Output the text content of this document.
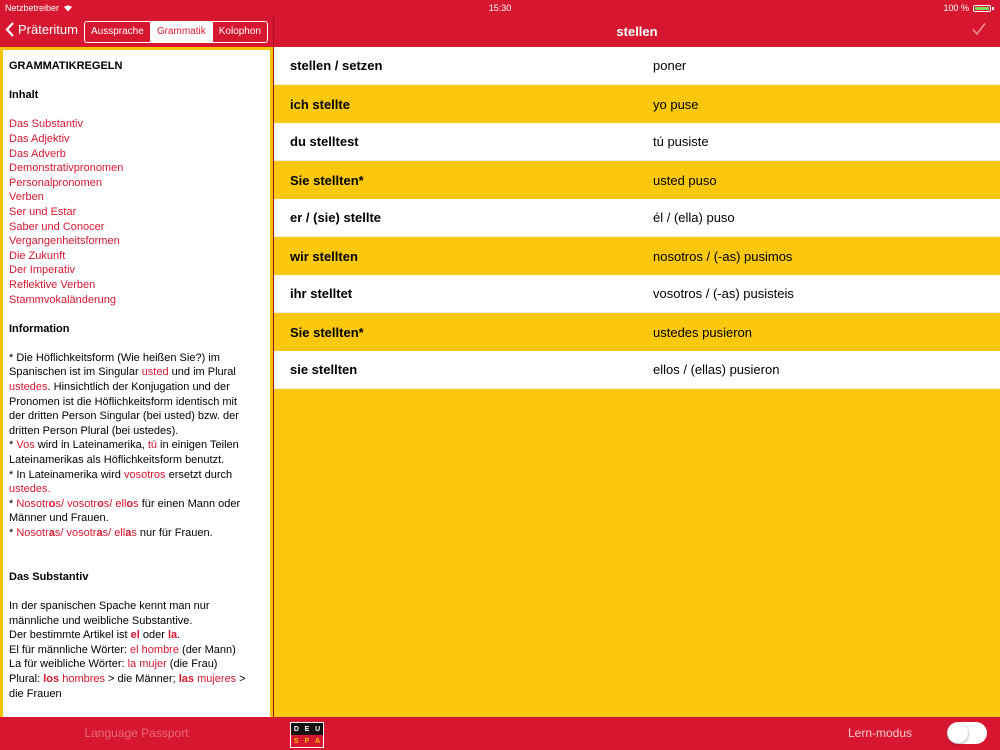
Netzbetreiber	15:30	100 %
Präteritum	Aussprache	Grammatik	Kolophon	stellen
GRAMMATIKREGELN
Inhalt
Das Substantiv
Das Adjektiv
Das Adverb
Demonstrativpronomen
Personalpronomen
Verben
Ser und Estar
Saber und Conocer
Vergangenheitsformen
Die Zukunft
Der Imperativ
Reflektive Verben
Stammvokaländerung
Information
* Die Höflichkeitsform (Wie heißen Sie?) im
Spanischen ist im Singular usted und im Plural
ustedes. Hinsichtlich der Konjugation und der
Pronomen ist die Höflichkeitsform identisch mit
der dritten Person Singular (bei usted) bzw. der
dritten Person Plural (bei ustedes).
* Vos wird in Lateinamerika, tú in einigen Teilen
Lateinamerikas als Höflichkeitsform benutzt.
* In Lateinamerika wird vosotros ersetzt durch
ustedes.
* Nosotros/ vosotros/ ellos für einen Mann oder
Männer und Frauen.
* Nosotras/ vosotras/ ellas nur für Frauen.
Das Substantiv
In der spanischen Spache kennt man nur
männliche und weibliche Substantive.
Der bestimmte Artikel ist el oder la.
El für männliche Wörter: el hombre (der Mann)
La für weibliche Wörter: la mujer (die Frau)
Plural: los hombres > die Männer; las mujeres >
die Frauen
stellen / setzen	poner
ich stellte	yo puse
du stelltest	tú pusiste
Sie stellten*	usted puso
er / (sie) stellte	él / (ella) puso
wir stellten	nosotros / (-as) pusimos
ihr stelltet	vosotros / (-as) pusisteis
Sie stellten*	ustedes pusieron
sie stellten	ellos / (ellas) pusieron
Language Passport	D E U
S P A
Lern-modus
